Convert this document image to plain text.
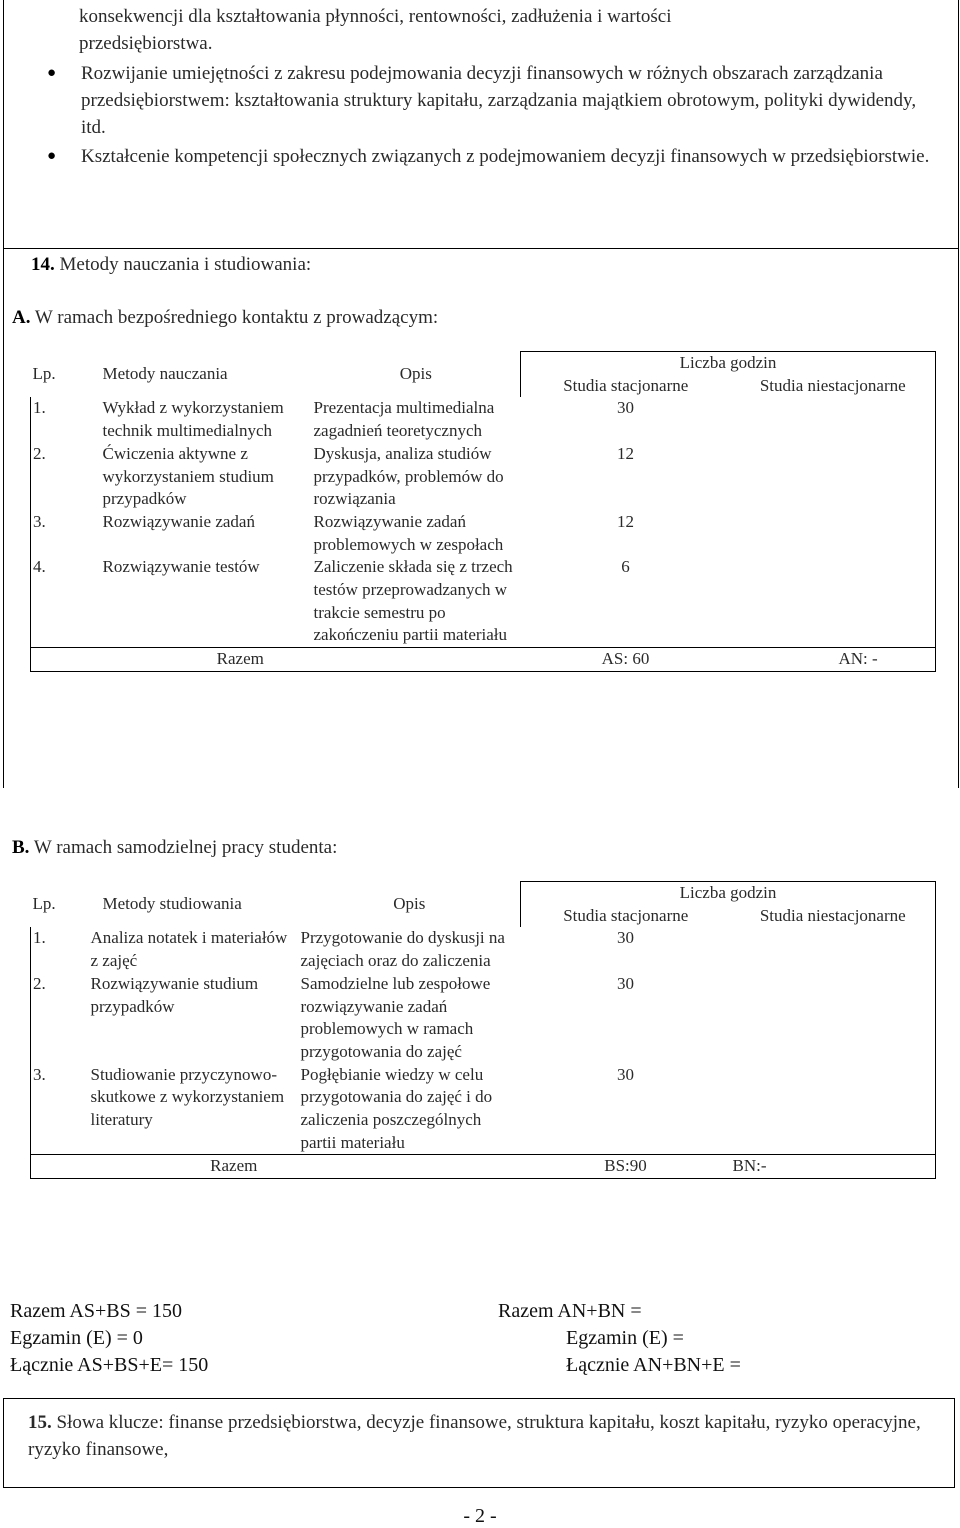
konsekwencji dla kształtowania płynności, rentowności, zadłużenia i wartości

przedsiębiorstwa.

● Rozwijanie umiejętności z zakresu podejmowania decyzji finansowych w różnych obszarach zarządzania przedsiębiorstwem: kształtowania struktury kapitału, zarządzania majątkiem obrotowym, polityki dywidendy, itd.
● Kształcenie kompetencji społecznych związanych z podejmowaniem decyzji finansowych w przedsiębiorstwie.
14. Metody nauczania i studiowania:
A. W ramach bezpośredniego kontaktu z prowadzącym:
Lp.	Metody nauczania	Opis	Liczba godzin	
			Studia stacjonarne	Studia niestacjonarne
1.	Wykład z wykorzystaniem technik multimedialnych	Prezentacja multimedialna zagadnień teoretycznych	30	
2.	Ćwiczenia aktywne z wykorzystaniem studium przypadków	Dyskusja, analiza studiów przypadków, problemów do rozwiązania	12	
3.	Rozwiązywanie zadań	Rozwiązywanie zadań problemowych w zespołach	12	
4.	Rozwiązywanie testów	Zaliczenie składa się z trzech testów przeprowadzanych w trakcie semestru po zakończeniu partii materiału	6	
Razem			AS: 60	AN: -
B. W ramach samodzielnej pracy studenta:
Lp.	Metody studiowania	Opis	Liczba godzin	
			Studia stacjonarne	Studia niestacjonarne
1.	Analiza notatek i materiałów z zajęć	Przygotowanie do dyskusji na zajęciach oraz do zaliczenia	30	
2.	Rozwiązywanie studium przypadków	Samodzielne lub zespołowe rozwiązywanie zadań problemowych w ramach przygotowania do zajęć	30	
3.	Studiowanie przyczynowo-skutkowe z wykorzystaniem literatury	Pogłębianie wiedzy w celu przygotowania do zajęć i do zaliczenia poszczególnych partii materiału	30	
Razem			BS:90	BN:-
Razem AS+BS = 150
Egzamin (E) = 0
Łącznie AS+BS+E= 150
Razem AN+BN =
Egzamin (E) =
Łącznie AN+BN+E =

15. Słowa klucze: finanse przedsiębiorstwa, decyzje finansowe, struktura kapitału, koszt kapitału, ryzyko operacyjne, ryzyko finansowe,

- 2 -
